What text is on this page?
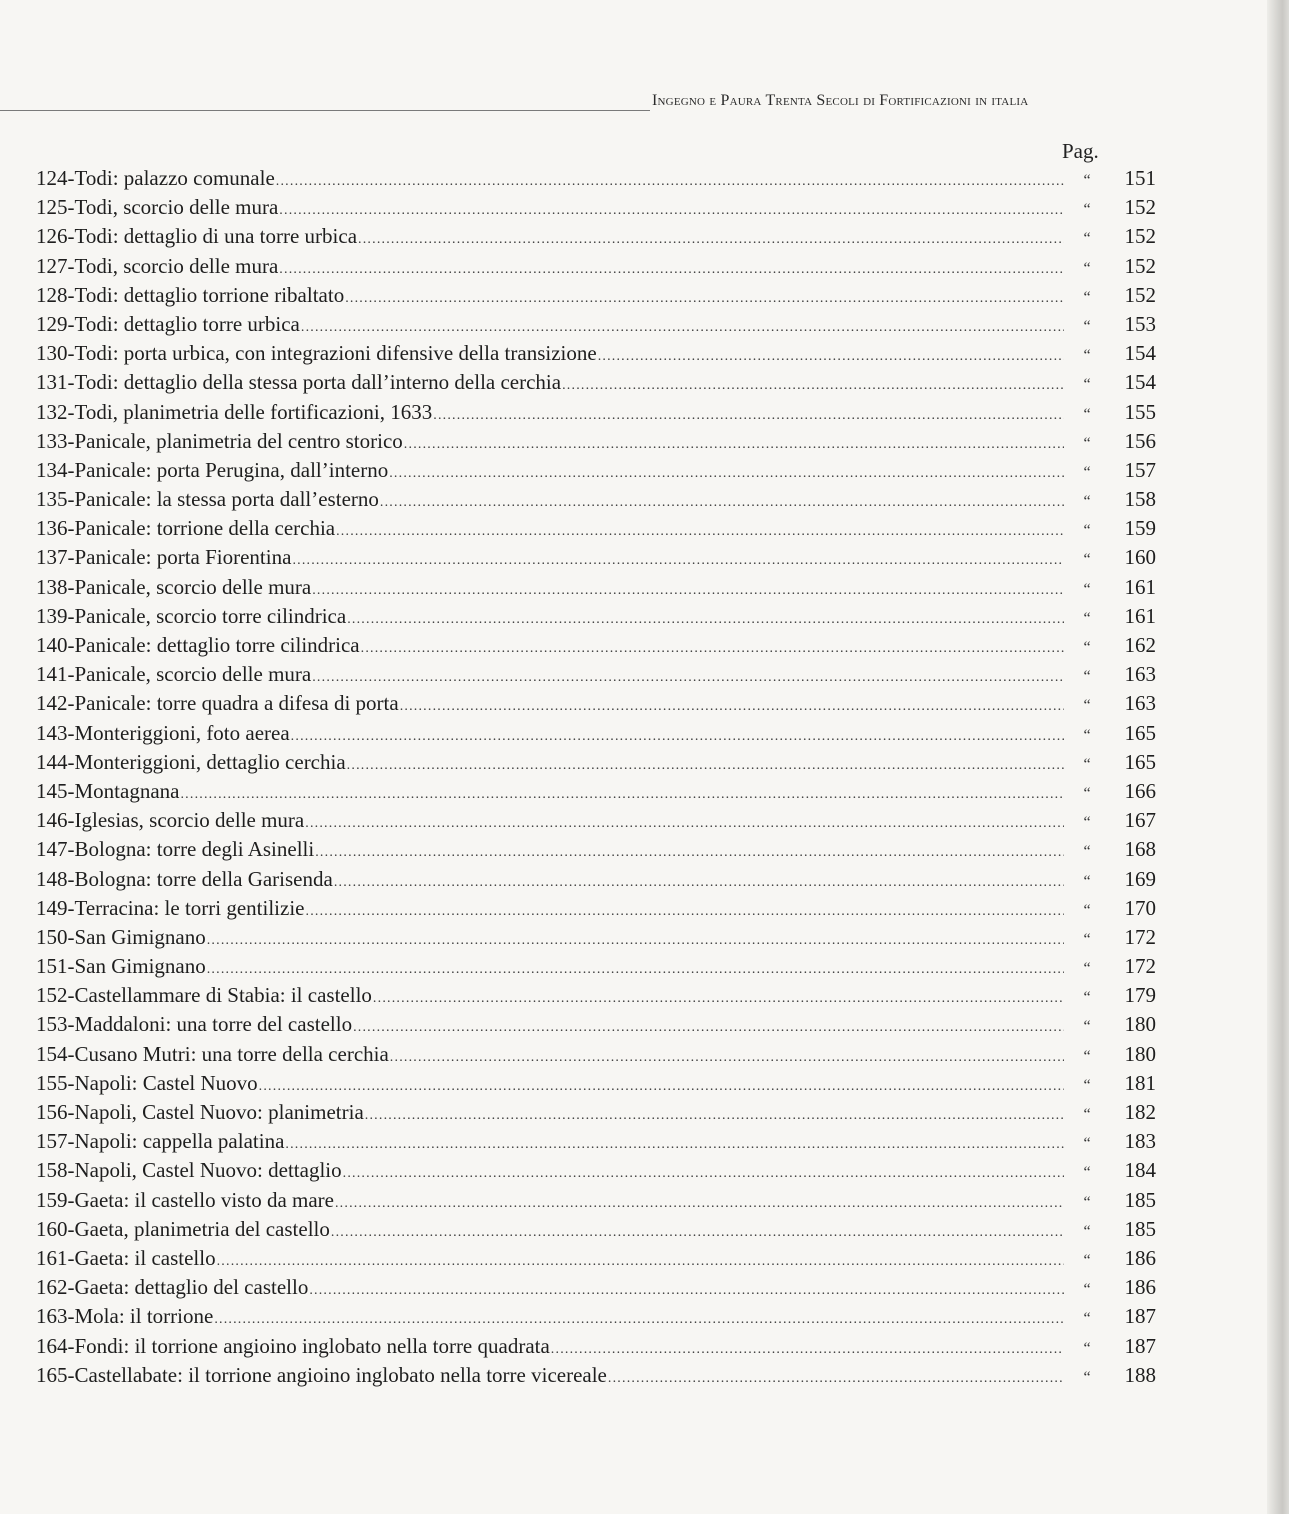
Ingegno e Paura Trenta Secoli di Fortificazioni in italia
Pag.
124-Todi: palazzo comunale .....	“	151
125-Todi, scorcio delle mura .....	“	152
126-Todi: dettaglio di una torre urbica .....	“	152
127-Todi, scorcio delle mura .....	“	152
128-Todi: dettaglio torrione ribaltato .....	“	152
129-Todi: dettaglio torre urbica .....	“	153
130-Todi: porta urbica, con integrazioni difensive della transizione .....	“	154
131-Todi: dettaglio della stessa porta dall’interno della cerchia .....	“	154
132-Todi, planimetria delle fortificazioni, 1633 .....	“	155
133-Panicale, planimetria del centro storico .....	“	156
134-Panicale: porta Perugina, dall’interno .....	“	157
135-Panicale: la stessa porta dall’esterno .....	“	158
136-Panicale: torrione della cerchia .....	“	159
137-Panicale: porta Fiorentina .....	“	160
138-Panicale, scorcio delle mura .....	“	161
139-Panicale, scorcio torre cilindrica .....	“	161
140-Panicale: dettaglio torre cilindrica .....	“	162
141-Panicale, scorcio delle mura .....	“	163
142-Panicale: torre quadra a difesa di porta .....	“	163
143-Monteriggioni, foto aerea .....	“	165
144-Monteriggioni, dettaglio cerchia .....	“	165
145-Montagnana .....	“	166
146-Iglesias, scorcio delle mura .....	“	167
147-Bologna: torre degli Asinelli .....	“	168
148-Bologna: torre della Garisenda .....	“	169
149-Terracina: le torri gentilizie .....	“	170
150-San Gimignano .....	“	172
151-San Gimignano .....	“	172
152-Castellammare di Stabia: il castello .....	“	179
153-Maddaloni: una torre del castello .....	“	180
154-Cusano Mutri: una torre della cerchia .....	“	180
155-Napoli: Castel Nuovo .....	“	181
156-Napoli, Castel Nuovo: planimetria .....	“	182
157-Napoli: cappella palatina .....	“	183
158-Napoli, Castel Nuovo: dettaglio .....	“	184
159-Gaeta: il castello visto da mare .....	“	185
160-Gaeta, planimetria del castello .....	“	185
161-Gaeta: il castello .....	“	186
162-Gaeta: dettaglio del castello .....	“	186
163-Mola: il torrione .....	“	187
164-Fondi: il torrione angioino inglobato nella torre quadrata .....	“	187
165-Castellabate: il torrione angioino inglobato nella torre vicereale .....	“	188
